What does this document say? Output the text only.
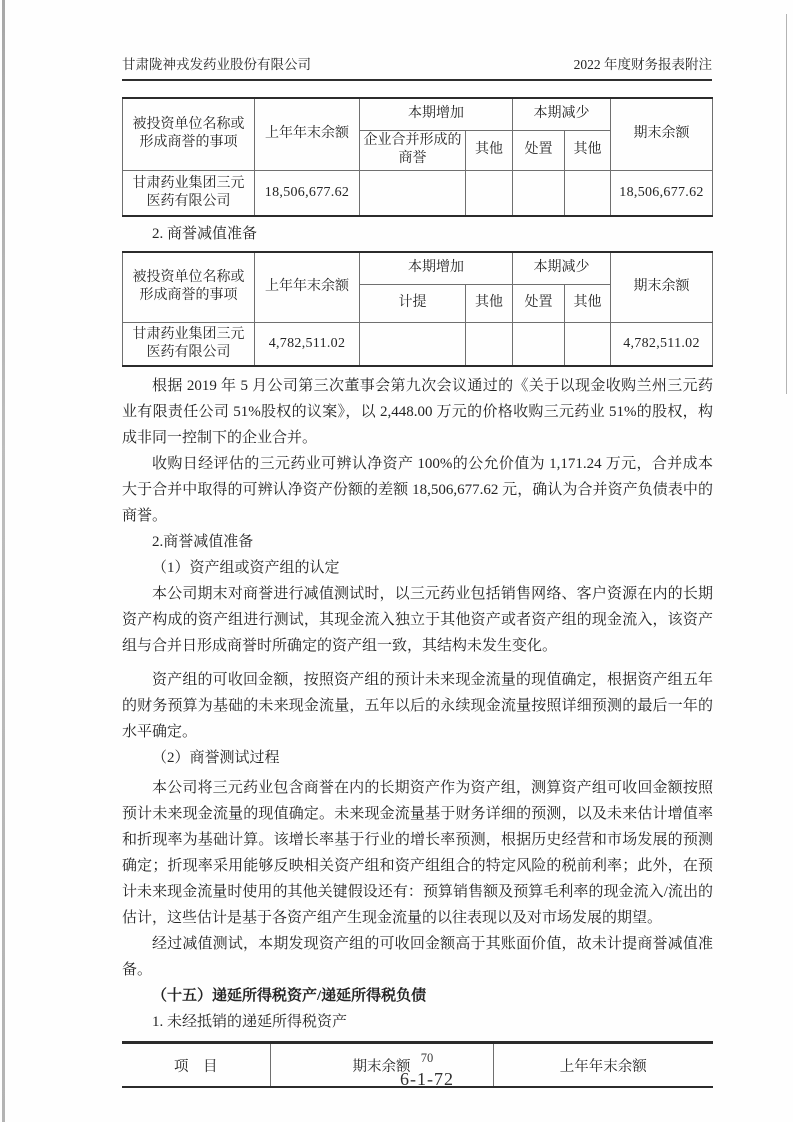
甘肃陇神戎发药业股份有限公司	2022 年度财务报表附注
被投资单位名称或形成商誉的事项	上年年末余额	本期增加		本期减少		期末余额
		企业合并形成的商誉	其他	处置	其他	
甘肃药业集团三元医药有限公司	18,506,677.62					18,506,677.62
2. 商誉减值准备
被投资单位名称或形成商誉的事项	上年年末余额	本期增加		本期减少		期末余额
		计提	其他	处置	其他	
甘肃药业集团三元医药有限公司	4,782,511.02					4,782,511.02

根据 2019 年 5 月公司第三次董事会第九次会议通过的《关于以现金收购兰州三元药业有限责任公司 51%股权的议案》，以 2,448.00 万元的价格收购三元药业 51%的股权，构成非同一控制下的企业合并。

收购日经评估的三元药业可辨认净资产 100%的公允价值为 1,171.24 万元，合并成本大于合并中取得的可辨认净资产份额的差额 18,506,677.62 元，确认为合并资产负债表中的商誉。

2.商誉减值准备

（1）资产组或资产组的认定

本公司期末对商誉进行减值测试时，以三元药业包括销售网络、客户资源在内的长期资产构成的资产组进行测试，其现金流入独立于其他资产或者资产组的现金流入，该资产组与合并日形成商誉时所确定的资产组一致，其结构未发生变化。

资产组的可收回金额，按照资产组的预计未来现金流量的现值确定，根据资产组五年的财务预算为基础的未来现金流量，五年以后的永续现金流量按照详细预测的最后一年的水平确定。

（2）商誉测试过程

本公司将三元药业包含商誉在内的长期资产作为资产组，测算资产组可收回金额按照预计未来现金流量的现值确定。未来现金流量基于财务详细的预测，以及未来估计增值率和折现率为基础计算。该增长率基于行业的增长率预测，根据历史经营和市场发展的预测确定；折现率采用能够反映相关资产组和资产组组合的特定风险的税前利率；此外，在预计未来现金流量时使用的其他关键假设还有：预算销售额及预算毛利率的现金流入/流出的估计，这些估计是基于各资产组产生现金流量的以往表现以及对市场发展的期望。

经过减值测试，本期发现资产组的可收回金额高于其账面价值，故未计提商誉减值准备。

（十五）递延所得税资产/递延所得税负债

1. 未经抵销的递延所得税资产

项　目	期末余额	上年年末余额
70
6-1-72
